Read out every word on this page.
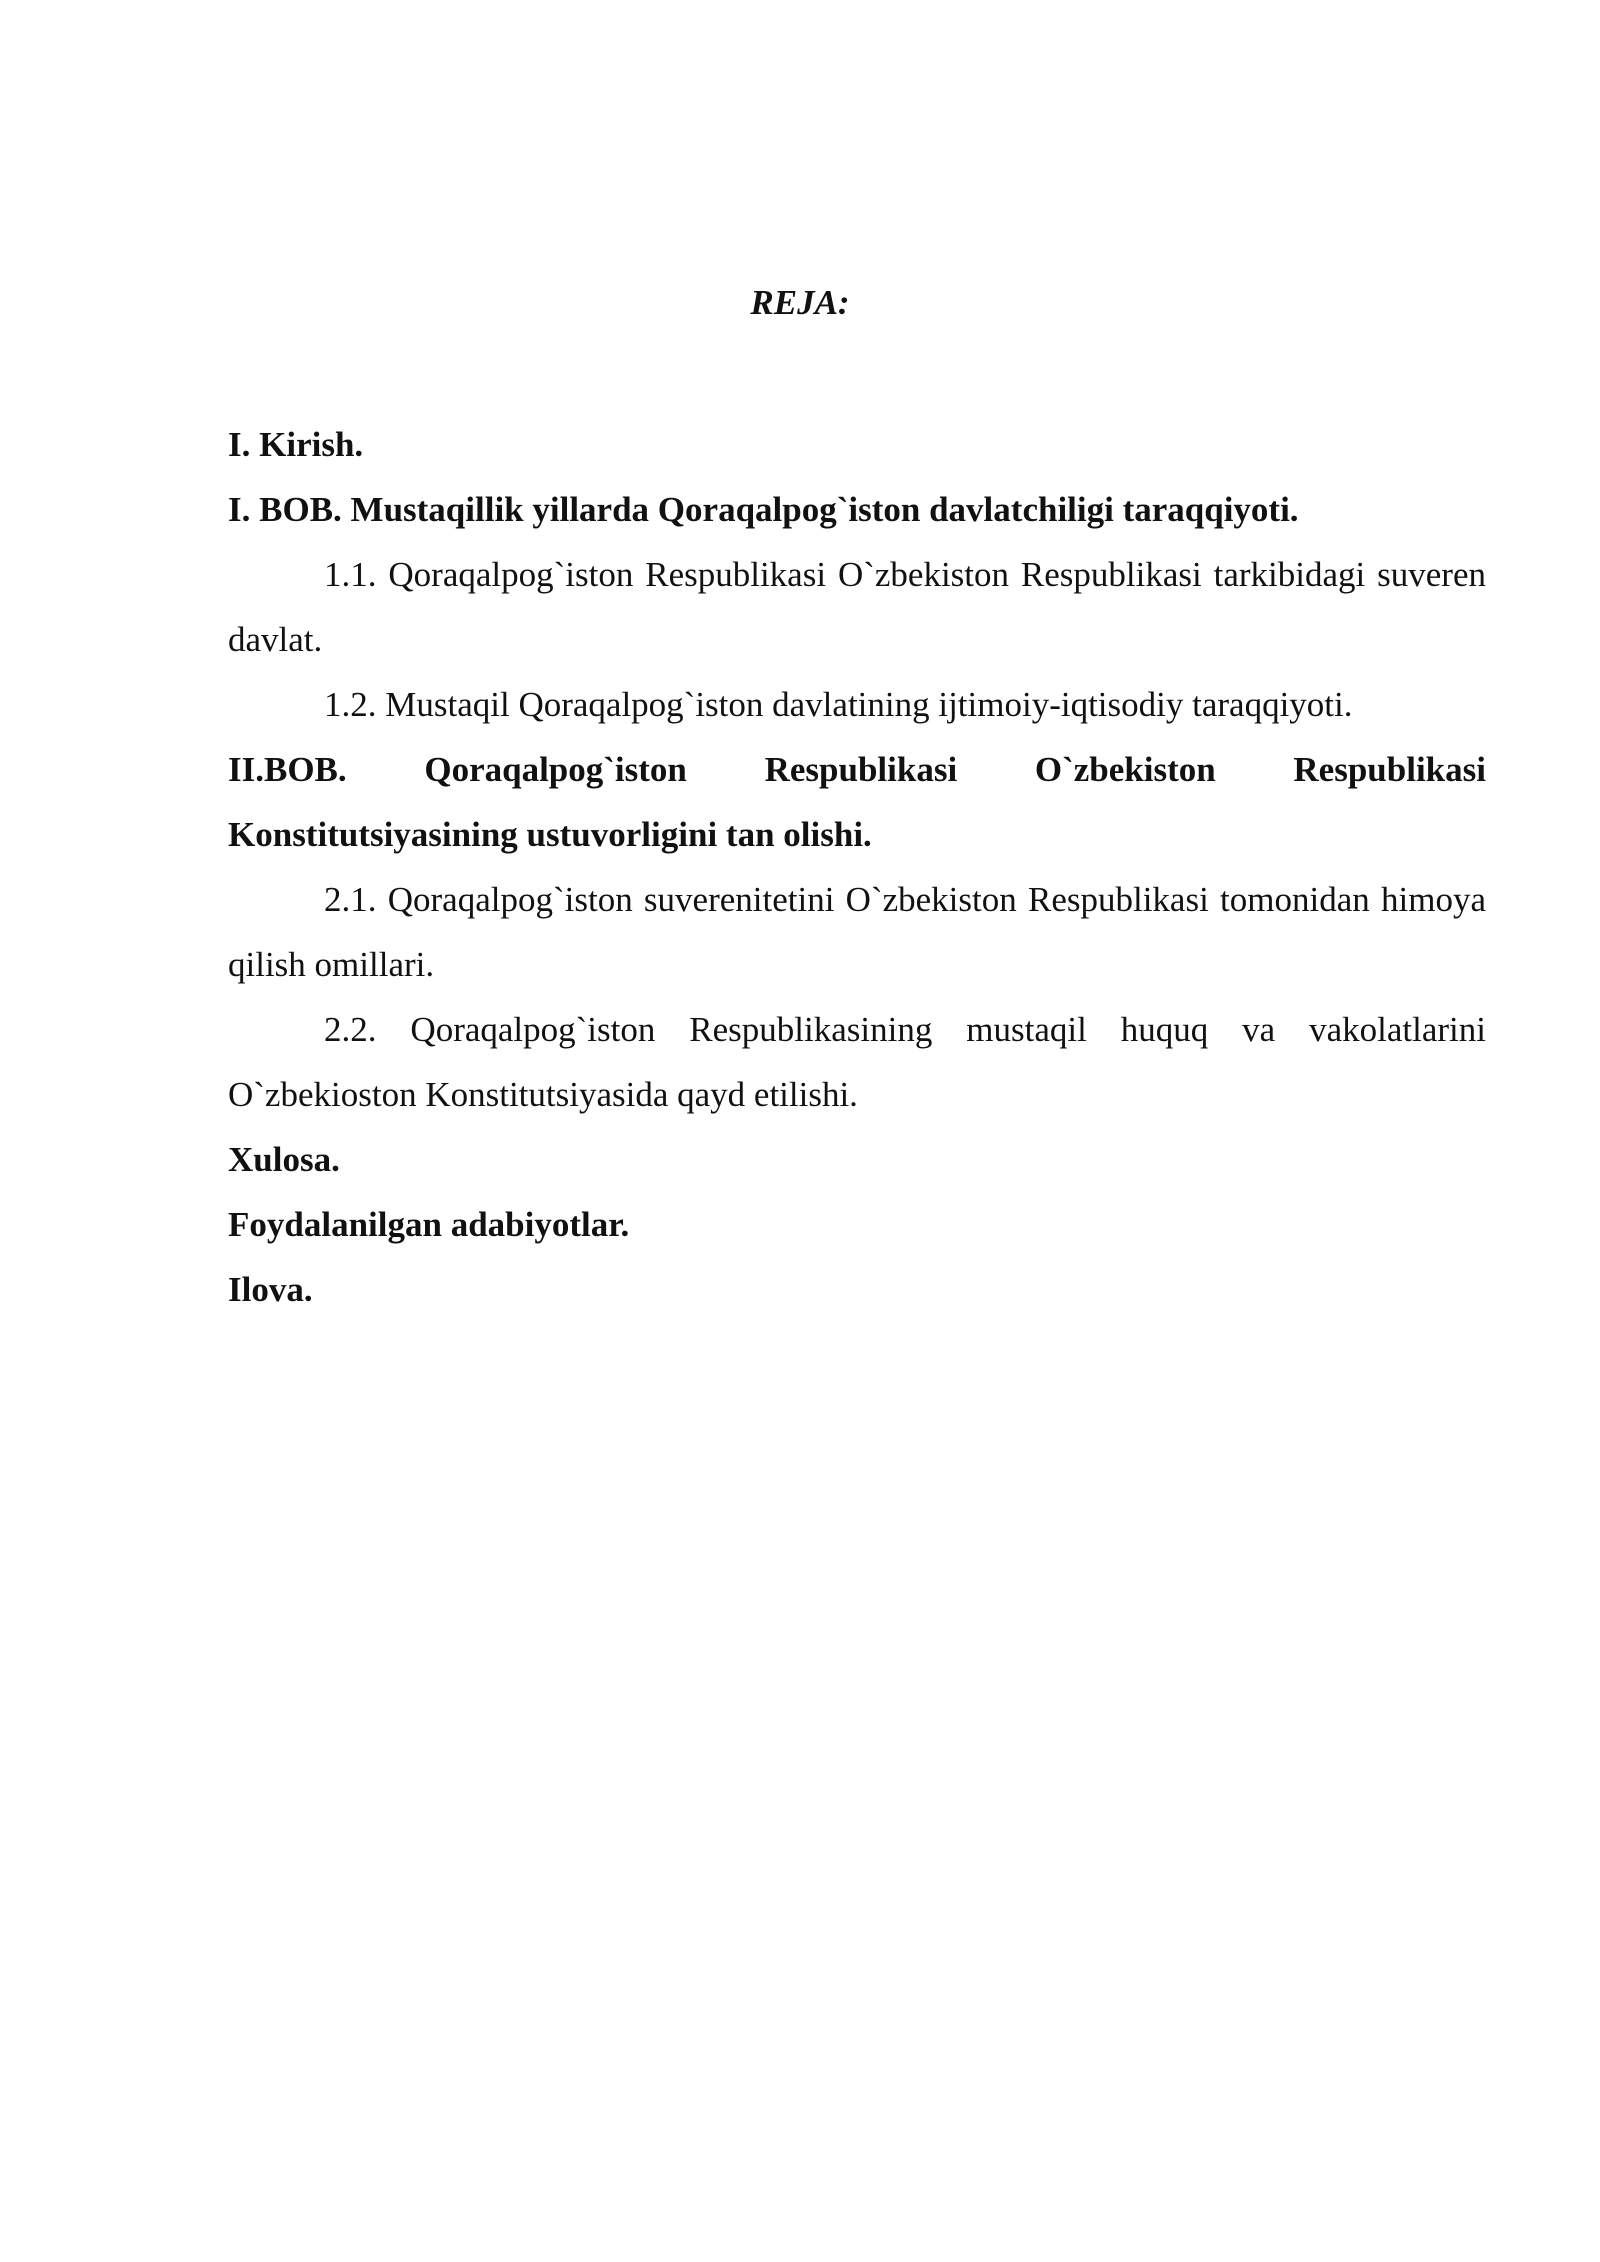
REJA:

I. Kirish.

I. BOB. Mustaqillik yillarda Qoraqalpog`iston davlatchiligi taraqqiyoti.

1.1. Qoraqalpog`iston Respublikasi O`zbekiston Respublikasi tarkibidagi suveren davlat.

1.2. Mustaqil Qoraqalpog`iston davlatining ijtimoiy-iqtisodiy taraqqiyoti.

II.BOB. Qoraqalpog`iston Respublikasi O`zbekiston Respublikasi Konstitutsiyasining ustuvorligini tan olishi.

2.1. Qoraqalpog`iston suverenitetini O`zbekiston Respublikasi tomonidan himoya qilish omillari.

2.2. Qoraqalpog`iston Respublikasining mustaqil huquq va vakolatlarini O`zbekioston Konstitutsiyasida qayd etilishi.

Xulosa.

Foydalanilgan adabiyotlar.

Ilova.
